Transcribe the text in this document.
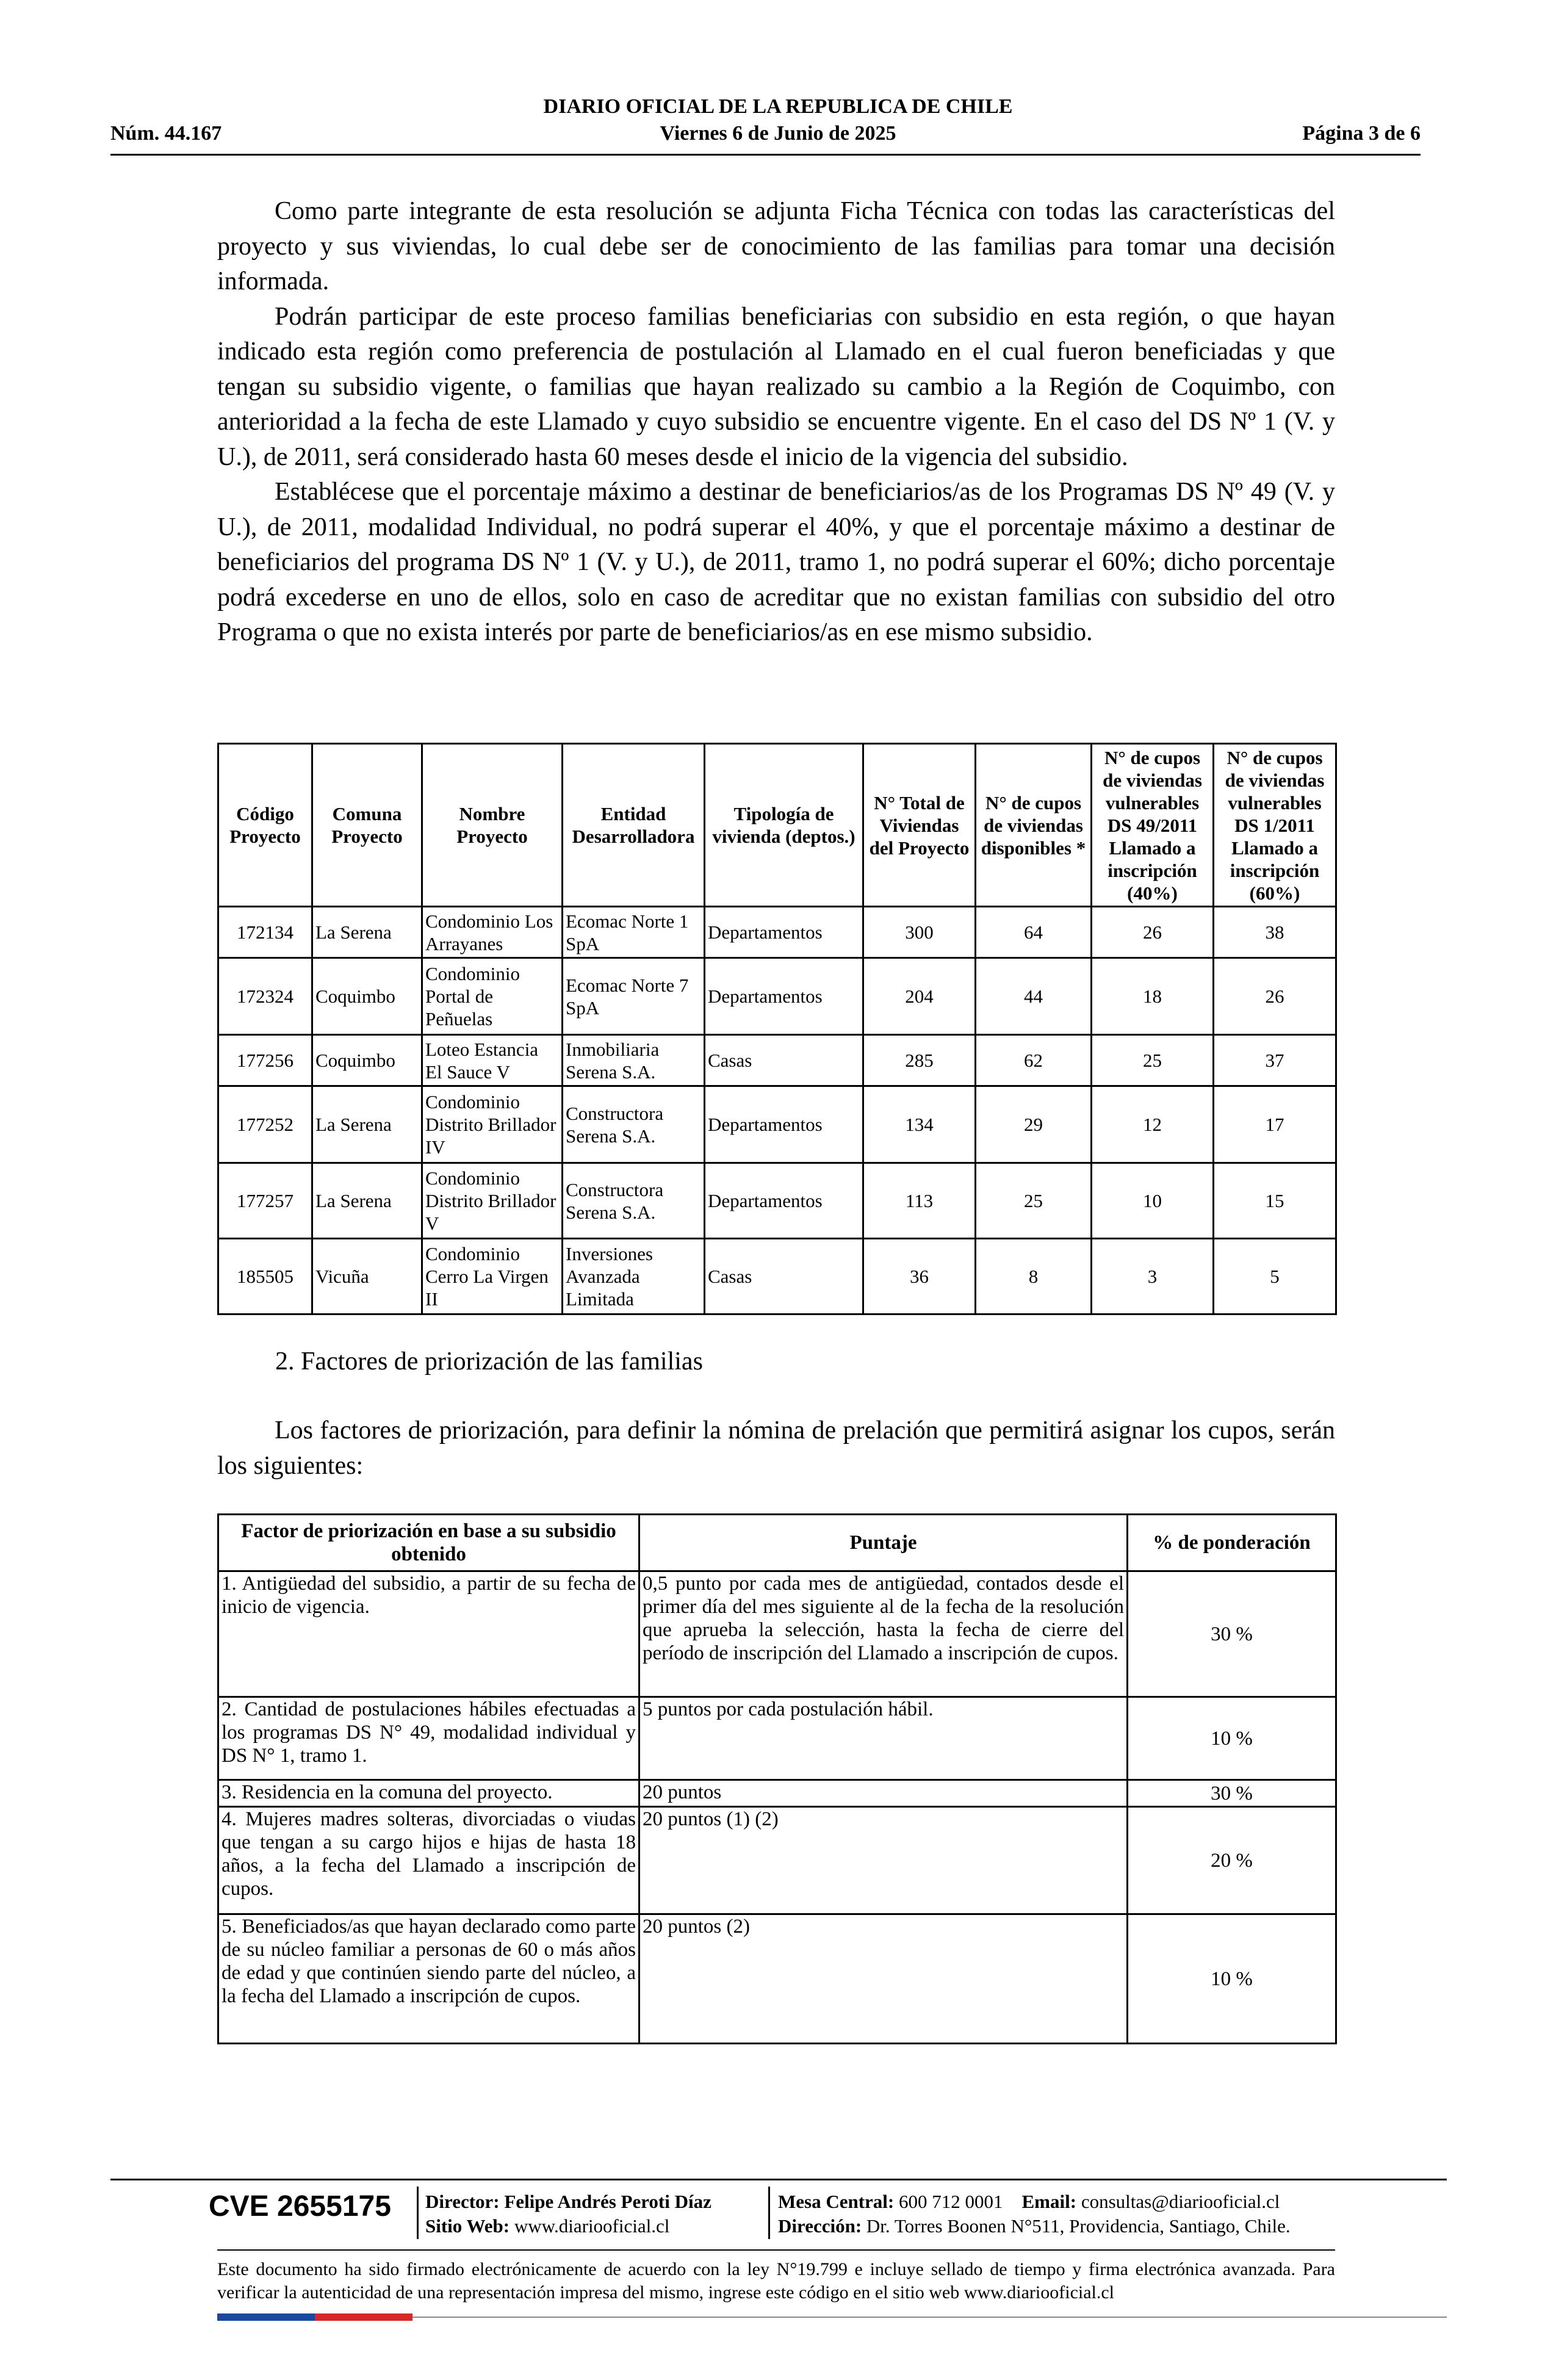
DIARIO OFICIAL DE LA REPUBLICA DE CHILE
Núm. 44.167	Viernes 6 de Junio de 2025	Página 3 de 6

Como parte integrante de esta resolución se adjunta Ficha Técnica con todas las características del proyecto y sus viviendas, lo cual debe ser de conocimiento de las familias para tomar una decisión informada.

Podrán participar de este proceso familias beneficiarias con subsidio en esta región, o que hayan indicado esta región como preferencia de postulación al Llamado en el cual fueron beneficiadas y que tengan su subsidio vigente, o familias que hayan realizado su cambio a la Región de Coquimbo, con anterioridad a la fecha de este Llamado y cuyo subsidio se encuentre vigente. En el caso del DS Nº 1 (V. y U.), de 2011, será considerado hasta 60 meses desde el inicio de la vigencia del subsidio.

Establécese que el porcentaje máximo a destinar de beneficiarios/as de los Programas DS Nº 49 (V. y U.), de 2011, modalidad Individual, no podrá superar el 40%, y que el porcentaje máximo a destinar de beneficiarios del programa DS Nº 1 (V. y U.), de 2011, tramo 1, no podrá superar el 60%; dicho porcentaje podrá excederse en uno de ellos, solo en caso de acreditar que no existan familias con subsidio del otro Programa o que no exista interés por parte de beneficiarios/as en ese mismo subsidio.

Código Proyecto	Comuna Proyecto	Nombre Proyecto	Entidad Desarrolladora	Tipología de vivienda (deptos.)	N° Total de Viviendas del Proyecto	N° de cupos de viviendas disponibles *	N° de cupos de viviendas vulnerables DS 49/2011 Llamado a inscripción (40%)	N° de cupos de viviendas vulnerables DS 1/2011 Llamado a inscripción (60%)
172134	La Serena	Condominio Los Arrayanes	Ecomac Norte 1 SpA	Departamentos	300	64	26	38
172324	Coquimbo	Condominio Portal de Peñuelas	Ecomac Norte 7 SpA	Departamentos	204	44	18	26
177256	Coquimbo	Loteo Estancia El Sauce V	Inmobiliaria Serena S.A.	Casas	285	62	25	37
177252	La Serena	Condominio Distrito Brillador IV	Constructora Serena S.A.	Departamentos	134	29	12	17
177257	La Serena	Condominio Distrito Brillador V	Constructora Serena S.A.	Departamentos	113	25	10	15
185505	Vicuña	Condominio Cerro La Virgen II	Inversiones Avanzada Limitada	Casas	36	8	3	5
2. Factores de priorización de las familias
Los factores de priorización, para definir la nómina de prelación que permitirá asignar los cupos, serán los siguientes:
Factor de priorización en base a su subsidio obtenido	Puntaje	% de ponderación
1. Antigüedad del subsidio, a partir de su fecha de inicio de vigencia.	0,5 punto por cada mes de antigüedad, contados desde el primer día del mes siguiente al de la fecha de la resolución que aprueba la selección, hasta la fecha de cierre del período de inscripción del Llamado a inscripción de cupos.	30 %
2. Cantidad de postulaciones hábiles efectuadas a los programas DS N° 49, modalidad individual y DS N° 1, tramo 1.	5 puntos por cada postulación hábil.	10 %
3. Residencia en la comuna del proyecto.	20 puntos	30 %
4. Mujeres madres solteras, divorciadas o viudas que tengan a su cargo hijos e hijas de hasta 18 años, a la fecha del Llamado a inscripción de cupos.	20 puntos (1) (2)	20 %
5. Beneficiados/as que hayan declarado como parte de su núcleo familiar a personas de 60 o más años de edad y que continúen siendo parte del núcleo, a la fecha del Llamado a inscripción de cupos.	20 puntos (2)	10 %
CVE 2655175 Director: Felipe Andrés Peroti Díaz
Sitio Web: www.diariooficial.cl
Mesa Central: 600 712 0001 Email: consultas@diariooficial.cl
Dirección: Dr. Torres Boonen N°511, Providencia, Santiago, Chile.
Este documento ha sido firmado electrónicamente de acuerdo con la ley N°19.799 e incluye sellado de tiempo y firma electrónica avanzada. Para verificar la autenticidad de una representación impresa del mismo, ingrese este código en el sitio web www.diariooficial.cl
